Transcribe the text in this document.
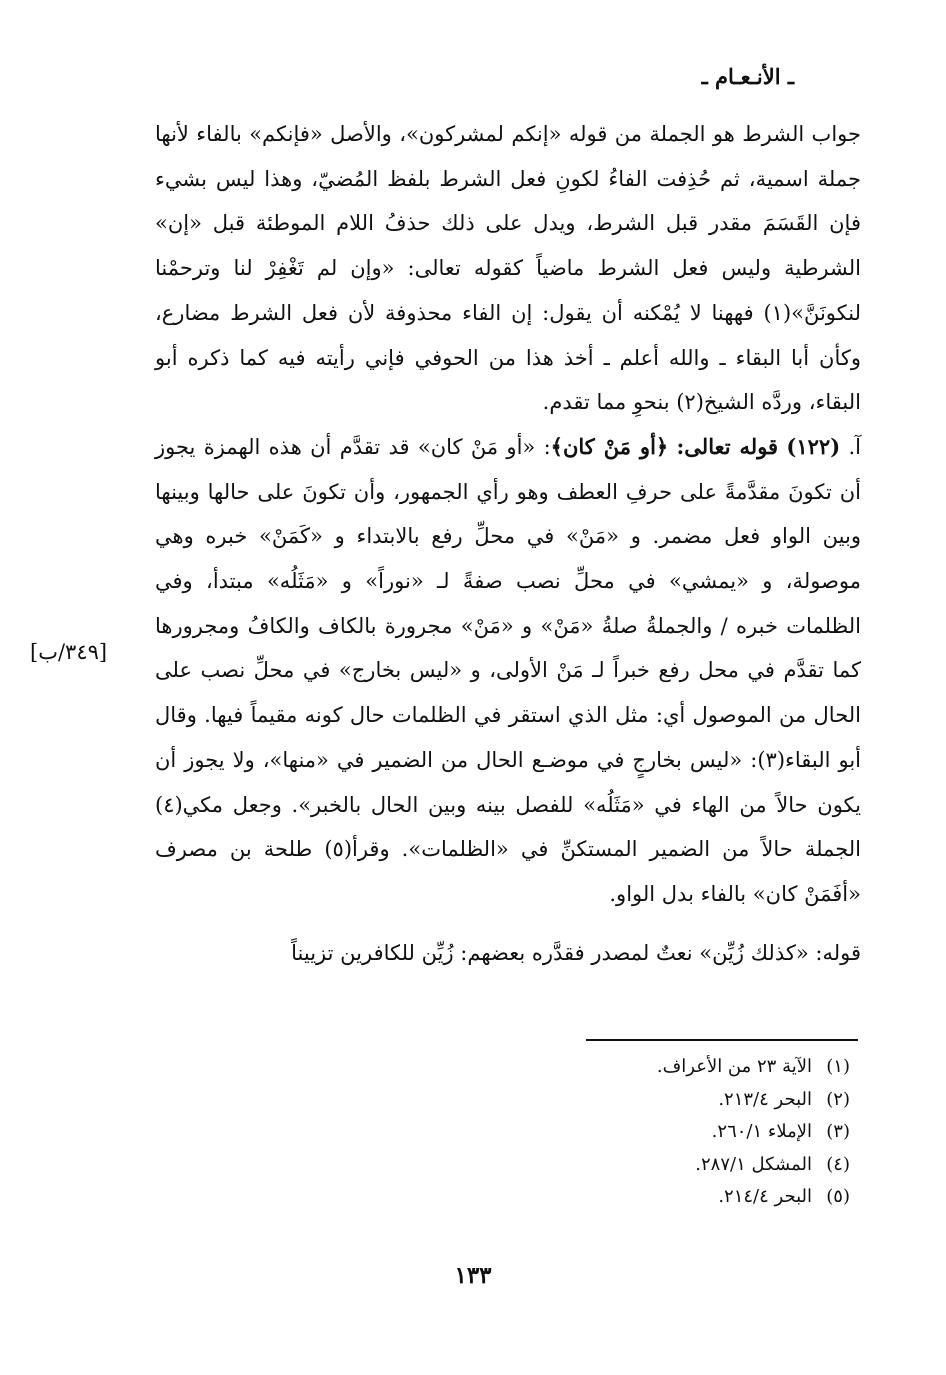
ـ الأنـعـام ـ

جواب الشرط هو الجملة من قوله «إنكم لمشركون»، والأصل «فإنكم» بالفاء لأنها جملة اسمية، ثم حُذِفت الفاءُ لكونِ فعل الشرط بلفظ المُضيّ، وهذا ليس بشيء فإن القَسَمَ مقدر قبل الشرط، ويدل على ذلك حذفُ اللام الموطئة قبل «إن» الشرطية وليس فعل الشرط ماضياً كقوله تعالى: «وإن لم تَغْفِرْ لنا وترحمْنا لنكونَنَّ»(١) فههنا لا يُمْكنه أن يقول: إن الفاء محذوفة لأن فعل الشرط مضارع، وكأن أبا البقاء ـ والله أعلم ـ أخذ هذا من الحوفي فإني رأيته فيه كما ذكره أبو البقاء، وردَّه الشيخ(٢) بنحوِ مما تقدم.

آ. (١٢٢) قوله تعالى: ﴿أو مَنْ كان﴾: «أو مَنْ كان» قد تقدَّم أن هذه الهمزة يجوز أن تكونَ مقدَّمةً على حرفِ العطف وهو رأي الجمهور، وأن تكونَ على حالها وبينها وبين الواو فعل مضمر. و «مَنْ» في محلِّ رفع بالابتداء و «كَمَنْ» خبره وهي موصولة، و «يمشي» في محلِّ نصب صفةً لـ «نوراً» و «مَثَلُه» مبتدأ، وفي الظلمات خبره / والجملةُ صلةُ «مَنْ» و «مَنْ» مجرورة بالكاف والكافُ ومجرورها كما تقدَّم في محل رفع خبراً لـ مَنْ الأولى، و «ليس بخارج» في محلِّ نصب على الحال من الموصول أي: مثل الذي استقر في الظلمات حال كونه مقيماً فيها. وقال أبو البقاء(٣): «ليس بخارجٍ في موضـع الحال من الضمير في «منها»، ولا يجوز أن يكون حالاً من الهاء في «مَثَلُه» للفصل بينه وبين الحال بالخبر». وجعل مكي(٤) الجملة حالاً من الضمير المستكنِّ في «الظلمات». وقرأ(٥) طلحة بن مصرف «أفَمَنْ كان» بالفاء بدل الواو.

قوله: «كذلك زُيِّن» نعتٌ لمصدر فقدَّره بعضهم: زُيِّن للكافرين تزييناً

[٣٤٩/ب]
(١)الآية ٢٣ من الأعراف.
(٢)البحر ٢١٣/٤.
(٣)الإملاء ٢٦٠/١.
(٤)المشكل ٢٨٧/١.
(٥)البحر ٢١٤/٤.
١٣٣
